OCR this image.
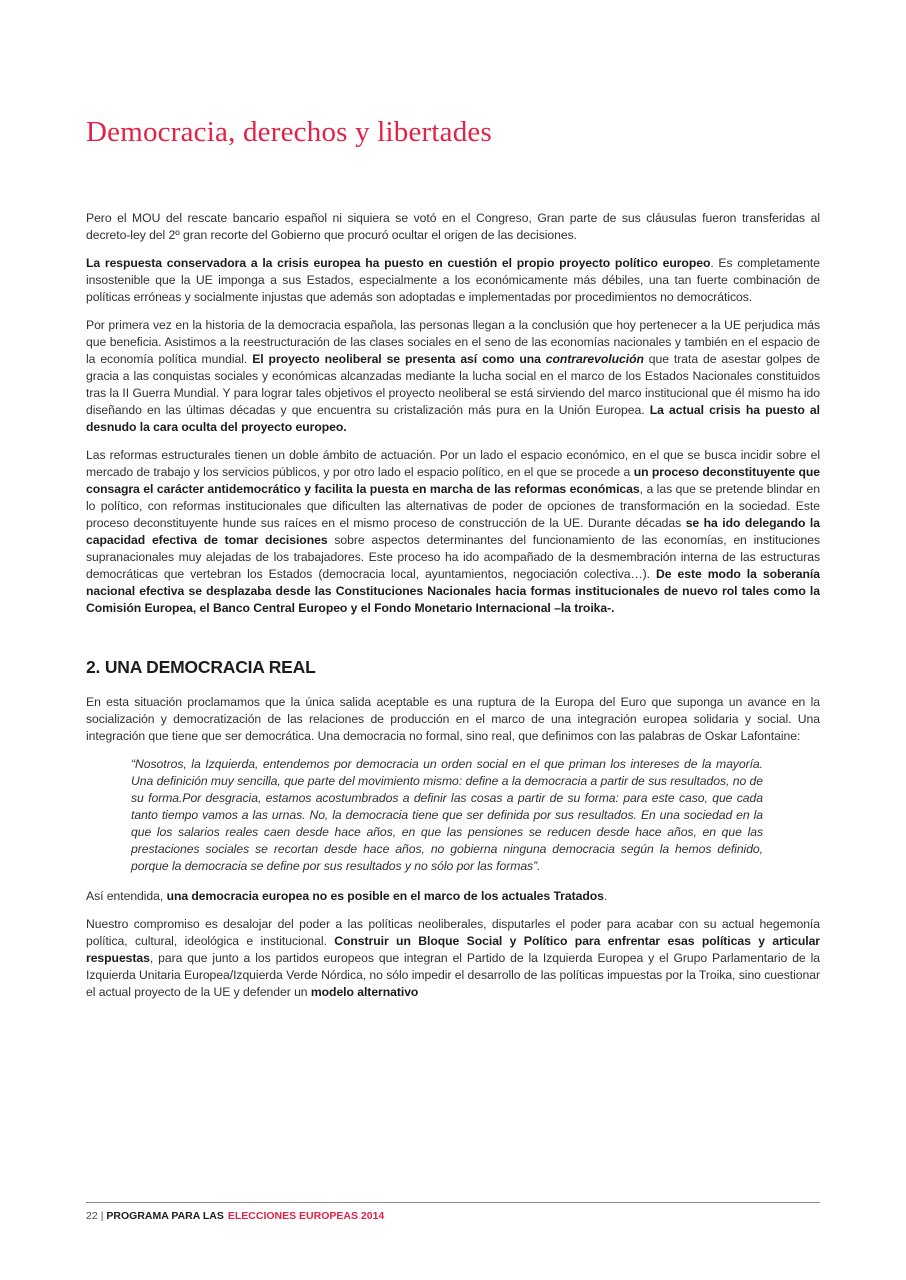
Democracia, derechos y libertades

Pero el MOU del rescate bancario español ni siquiera se votó en el Congreso, Gran parte de sus cláusulas fueron transferidas al decreto-ley del 2º gran recorte del Gobierno que procuró ocultar el origen de las decisiones.

La respuesta conservadora a la crisis europea ha puesto en cuestión el propio proyecto político europeo. Es completamente insostenible que la UE imponga a sus Estados, especialmente a los económicamente más débiles, una tan fuerte combinación de políticas erróneas y socialmente injustas que además son adoptadas e implementadas por procedimientos no democráticos.

Por primera vez en la historia de la democracia española, las personas llegan a la conclusión que hoy pertenecer a la UE perjudica más que beneficia. Asistimos a la reestructuración de las clases sociales en el seno de las economías nacionales y también en el espacio de la economía política mundial. El proyecto neoliberal se presenta así como una contrarevolución que trata de asestar golpes de gracia a las conquistas sociales y económicas alcanzadas mediante la lucha social en el marco de los Estados Nacionales constituidos tras la II Guerra Mundial. Y para lograr tales objetivos el proyecto neoliberal se está sirviendo del marco institucional que él mismo ha ido diseñando en las últimas décadas y que encuentra su cristalización más pura en la Unión Europea. La actual crisis ha puesto al desnudo la cara oculta del proyecto europeo.

Las reformas estructurales tienen un doble ámbito de actuación. Por un lado el espacio económico, en el que se busca incidir sobre el mercado de trabajo y los servicios públicos, y por otro lado el espacio político, en el que se procede a un proceso deconstituyente que consagra el carácter antidemocrático y facilita la puesta en marcha de las reformas económicas, a las que se pretende blindar en lo político, con reformas institucionales que dificulten las alternativas de poder de opciones de transformación en la sociedad. Este proceso deconstituyente hunde sus raíces en el mismo proceso de construcción de la UE. Durante décadas se ha ido delegando la capacidad efectiva de tomar decisiones sobre aspectos determinantes del funcionamiento de las economías, en instituciones supranacionales muy alejadas de los trabajadores. Este proceso ha ido acompañado de la desmembración interna de las estructuras democráticas que vertebran los Estados (democracia local, ayuntamientos, negociación colectiva…). De este modo la soberanía nacional efectiva se desplazaba desde las Constituciones Nacionales hacia formas institucionales de nuevo rol tales como la Comisión Europea, el Banco Central Europeo y el Fondo Monetario Internacional –la troika-.

2. UNA DEMOCRACIA REAL

En esta situación proclamamos que la única salida aceptable es una ruptura de la Europa del Euro que suponga un avance en la socialización y democratización de las relaciones de producción en el marco de una integración europea solidaria y social. Una integración que tiene que ser democrática. Una democracia no formal, sino real, que definimos con las palabras de Oskar Lafontaine:

“Nosotros, la Izquierda, entendemos por democracia un orden social en el que priman los intereses de la mayoría. Una definición muy sencilla, que parte del movimiento mismo: define a la democracia a partir de sus resultados, no de su forma.Por desgracia, estamos acostumbrados a definir las cosas a partir de su forma: para este caso, que cada tanto tiempo vamos a las urnas. No, la democracia tiene que ser definida por sus resultados. En una sociedad en la que los salarios reales caen desde hace años, en que las pensiones se reducen desde hace años, en que las prestaciones sociales se recortan desde hace años, no gobierna ninguna democracia según la hemos definido, porque la democracia se define por sus resultados y no sólo por las formas”.

Así entendida, una democracia europea no es posible en el marco de los actuales Tratados.

Nuestro compromiso es desalojar del poder a las políticas neoliberales, disputarles el poder para acabar con su actual hegemonía política, cultural, ideológica e institucional. Construir un Bloque Social y Político para enfrentar esas políticas y articular respuestas, para que junto a los partidos europeos que integran el Partido de la Izquierda Europea y el Grupo Parlamentario de la Izquierda Unitaria Europea/Izquierda Verde Nórdica, no sólo impedir el desarrollo de las políticas impuestas por la Troika, sino cuestionar el actual proyecto de la UE y defender un modelo alternativo

22 | PROGRAMA PARA LAS ELECCIONES EUROPEAS 2014
